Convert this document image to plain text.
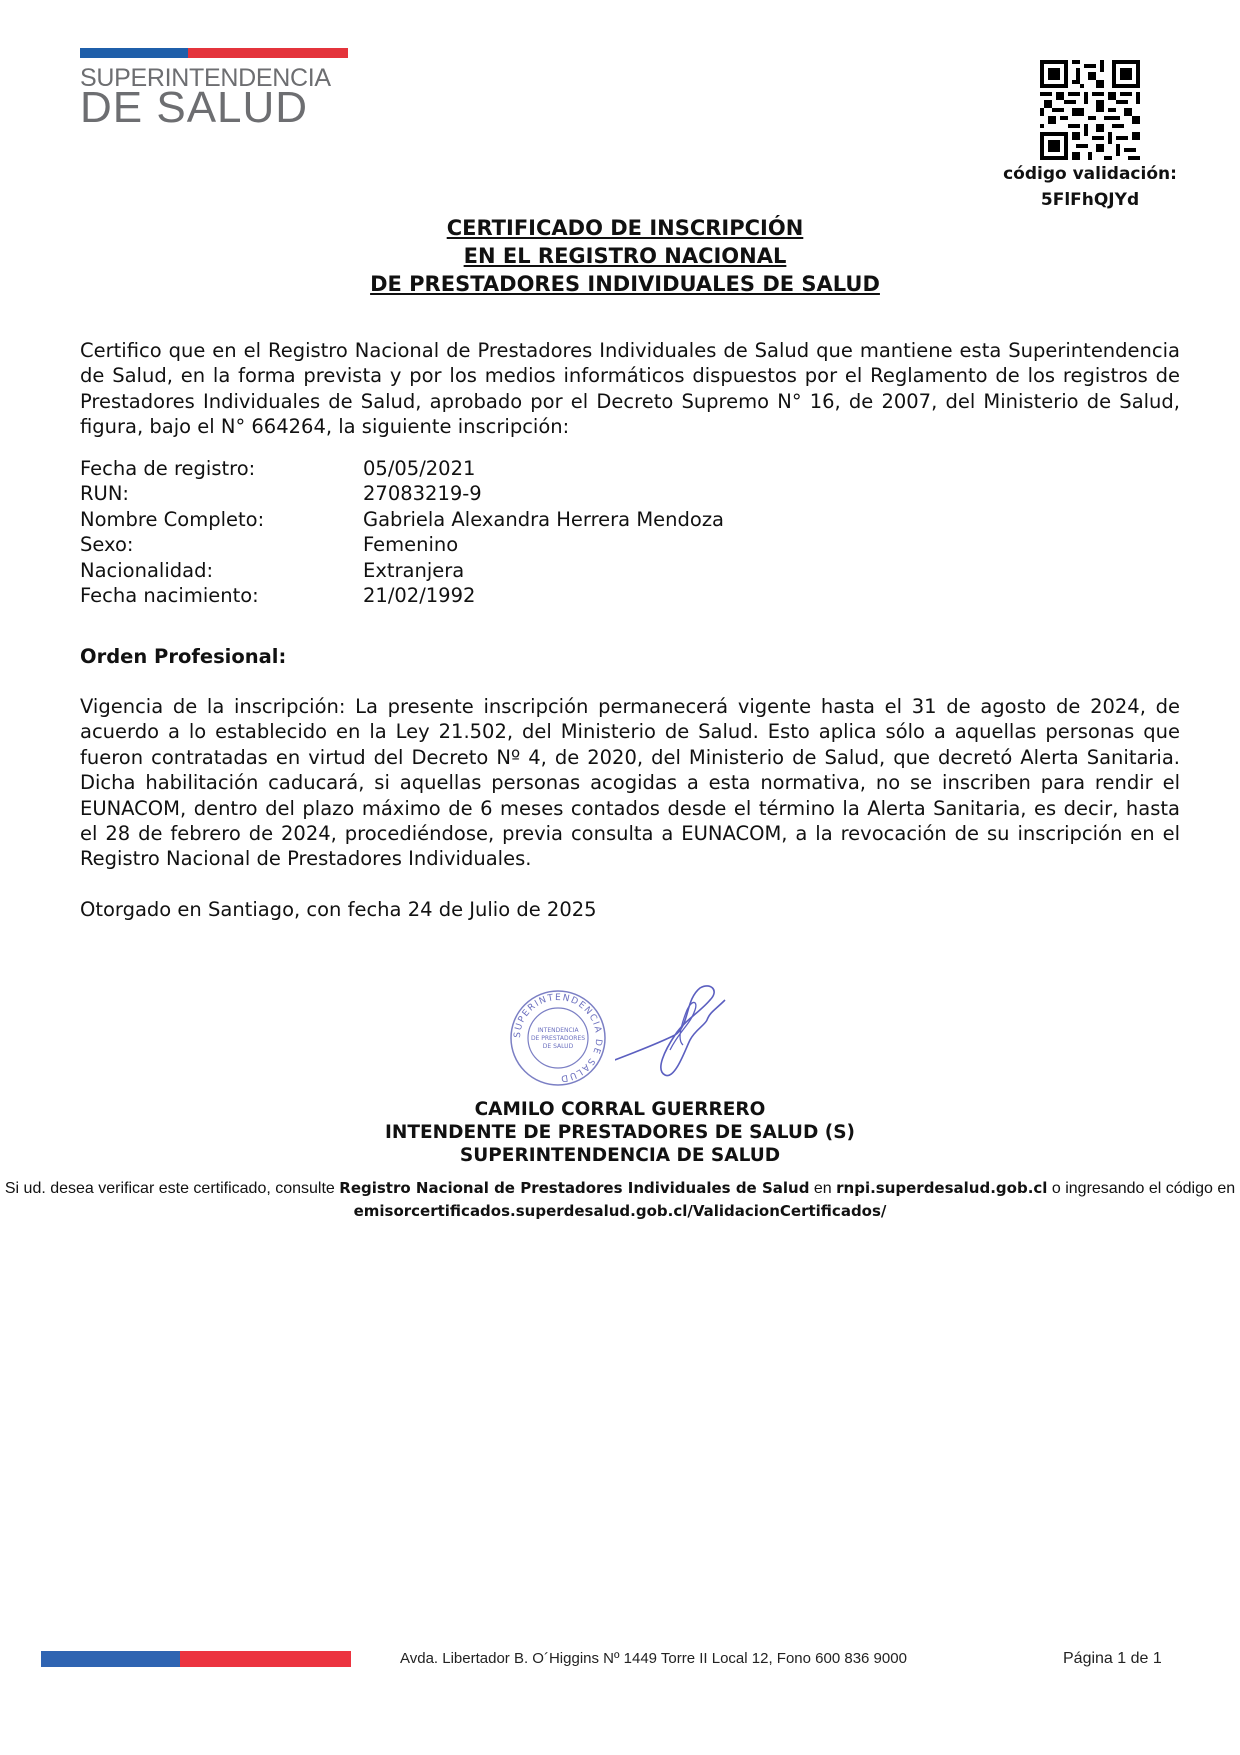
SUPERINTENDENCIA
DE SALUD
código validación:
5FlFhQJYd
CERTIFICADO DE INSCRIPCIÓN
EN EL REGISTRO NACIONAL
DE PRESTADORES INDIVIDUALES DE SALUD
Certifico que en el Registro Nacional de Prestadores Individuales de Salud que mantiene esta Superintendencia de Salud, en la forma prevista y por los medios informáticos dispuestos por el Reglamento de los registros de Prestadores Individuales de Salud, aprobado por el Decreto Supremo N° 16, de 2007, del Ministerio de Salud, figura, bajo el N° 664264, la siguiente inscripción:
Fecha de registro:	05/05/2021
RUN:	27083219-9
Nombre Completo:	Gabriela Alexandra Herrera Mendoza
Sexo:	Femenino
Nacionalidad:	Extranjera
Fecha nacimiento:	21/02/1992
Orden Profesional:
Vigencia de la inscripción: La presente inscripción permanecerá vigente hasta el 31 de agosto de 2024, de acuerdo a lo establecido en la Ley 21.502, del Ministerio de Salud. Esto aplica sólo a aquellas personas que fueron contratadas en virtud del Decreto Nº 4, de 2020, del Ministerio de Salud, que decretó Alerta Sanitaria. Dicha habilitación caducará, si aquellas personas acogidas a esta normativa, no se inscriben para rendir el EUNACOM, dentro del plazo máximo de 6 meses contados desde el término la Alerta Sanitaria, es decir, hasta el 28 de febrero de 2024, procediéndose, previa consulta a EUNACOM, a la revocación de su inscripción en el Registro Nacional de Prestadores Individuales.
Otorgado en Santiago, con fecha 24 de Julio de 2025
SUPERINTENDENCIA DE SALUD
INTENDENCIA
DE PRESTADORES
DE SALUD
CAMILO CORRAL GUERRERO
INTENDENTE DE PRESTADORES DE SALUD (S)
SUPERINTENDENCIA DE SALUD
Si ud. desea verificar este certificado, consulte Registro Nacional de Prestadores Individuales de Salud en rnpi.superdesalud.gob.cl o ingresando el código en
emisorcertificados.superdesalud.gob.cl/ValidacionCertificados/
Avda. Libertador B. O´Higgins Nº 1449 Torre II Local 12, Fono 600 836 9000	Página 1 de 1
